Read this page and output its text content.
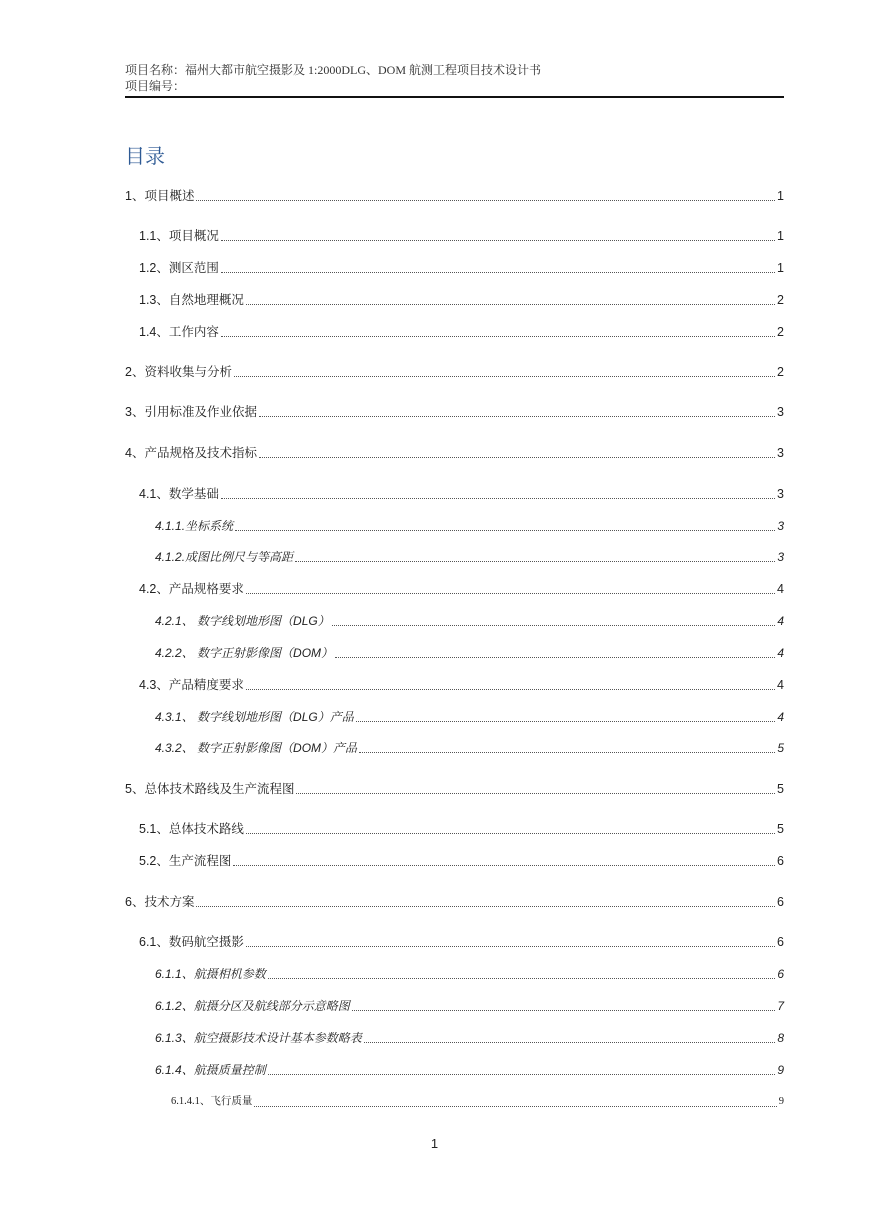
项目名称：福州大都市航空摄影及 1:2000DLG、DOM 航测工程项目技术设计书
项目编号：
目录
1、项目概述	1
1.1、项目概况	1
1.2、测区范围	1
1.3、自然地理概况	2
1.4、工作内容	2
2、资料收集与分析	2
3、引用标准及作业依据	3
4、产品规格及技术指标	3
4.1、数学基础	3
4.1.1.坐标系统	3
4.1.2.成图比例尺与等高距	3
4.2、产品规格要求	4
4.2.1、 数字线划地形图（DLG）	4
4.2.2、 数字正射影像图（DOM）	4
4.3、产品精度要求	4
4.3.1、 数字线划地形图（DLG）产品	4
4.3.2、 数字正射影像图（DOM）产品	5
5、总体技术路线及生产流程图	5
5.1、总体技术路线	5
5.2、生产流程图	6
6、技术方案	6
6.1、数码航空摄影	6
6.1.1、航摄相机参数	6
6.1.2、航摄分区及航线部分示意略图	7
6.1.3、航空摄影技术设计基本参数略表	8
6.1.4、航摄质量控制	9
6.1.4.1、飞行质量	9
1
